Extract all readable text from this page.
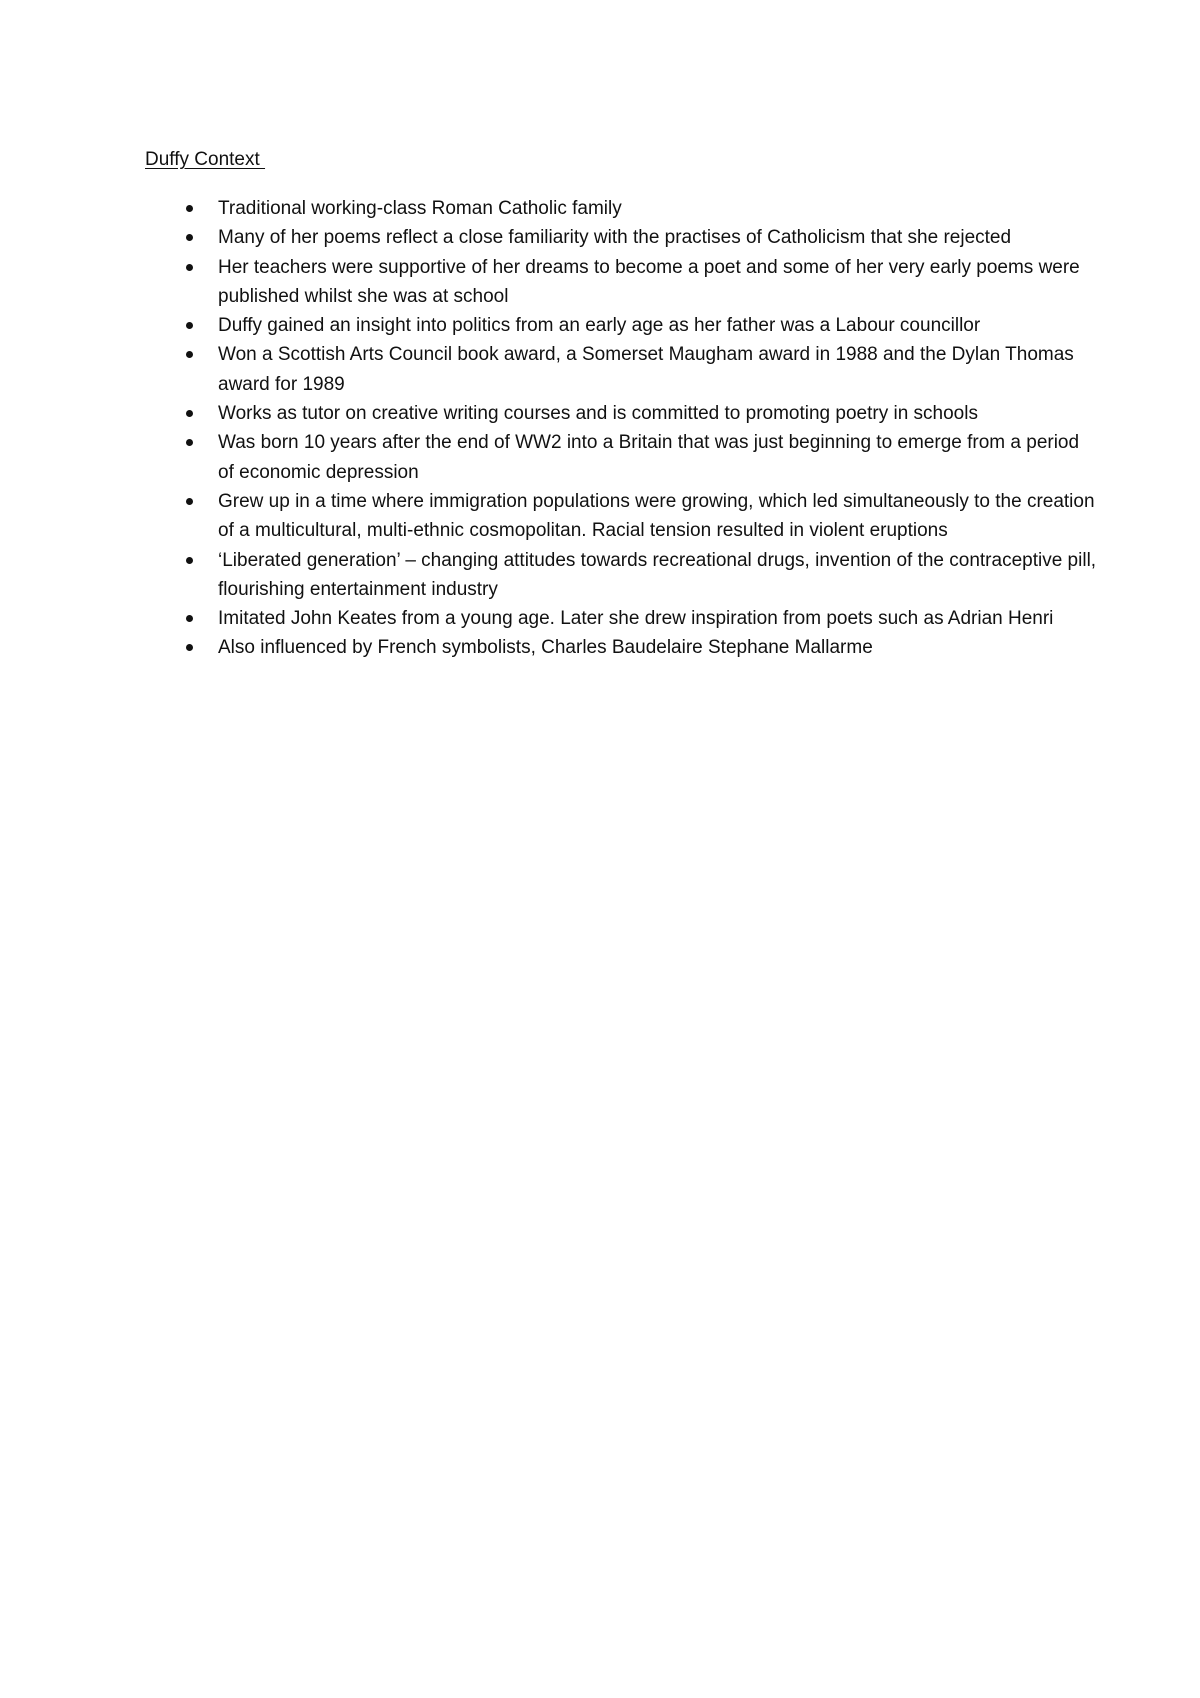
Duffy Context
Traditional working-class Roman Catholic family
Many of her poems reflect a close familiarity with the practises of Catholicism that she rejected
Her teachers were supportive of her dreams to become a poet and some of her very early poems were published whilst she was at school
Duffy gained an insight into politics from an early age as her father was a Labour councillor
Won a Scottish Arts Council book award, a Somerset Maugham award in 1988 and the Dylan Thomas award for 1989
Works as tutor on creative writing courses and is committed to promoting poetry in schools
Was born 10 years after the end of WW2 into a Britain that was just beginning to emerge from a period of economic depression
Grew up in a time where immigration populations were growing, which led simultaneously to the creation of a multicultural, multi-ethnic cosmopolitan. Racial tension resulted in violent eruptions
‘Liberated generation’ – changing attitudes towards recreational drugs, invention of the contraceptive pill, flourishing entertainment industry
Imitated John Keates from a young age. Later she drew inspiration from poets such as Adrian Henri
Also influenced by French symbolists, Charles Baudelaire Stephane Mallarme
